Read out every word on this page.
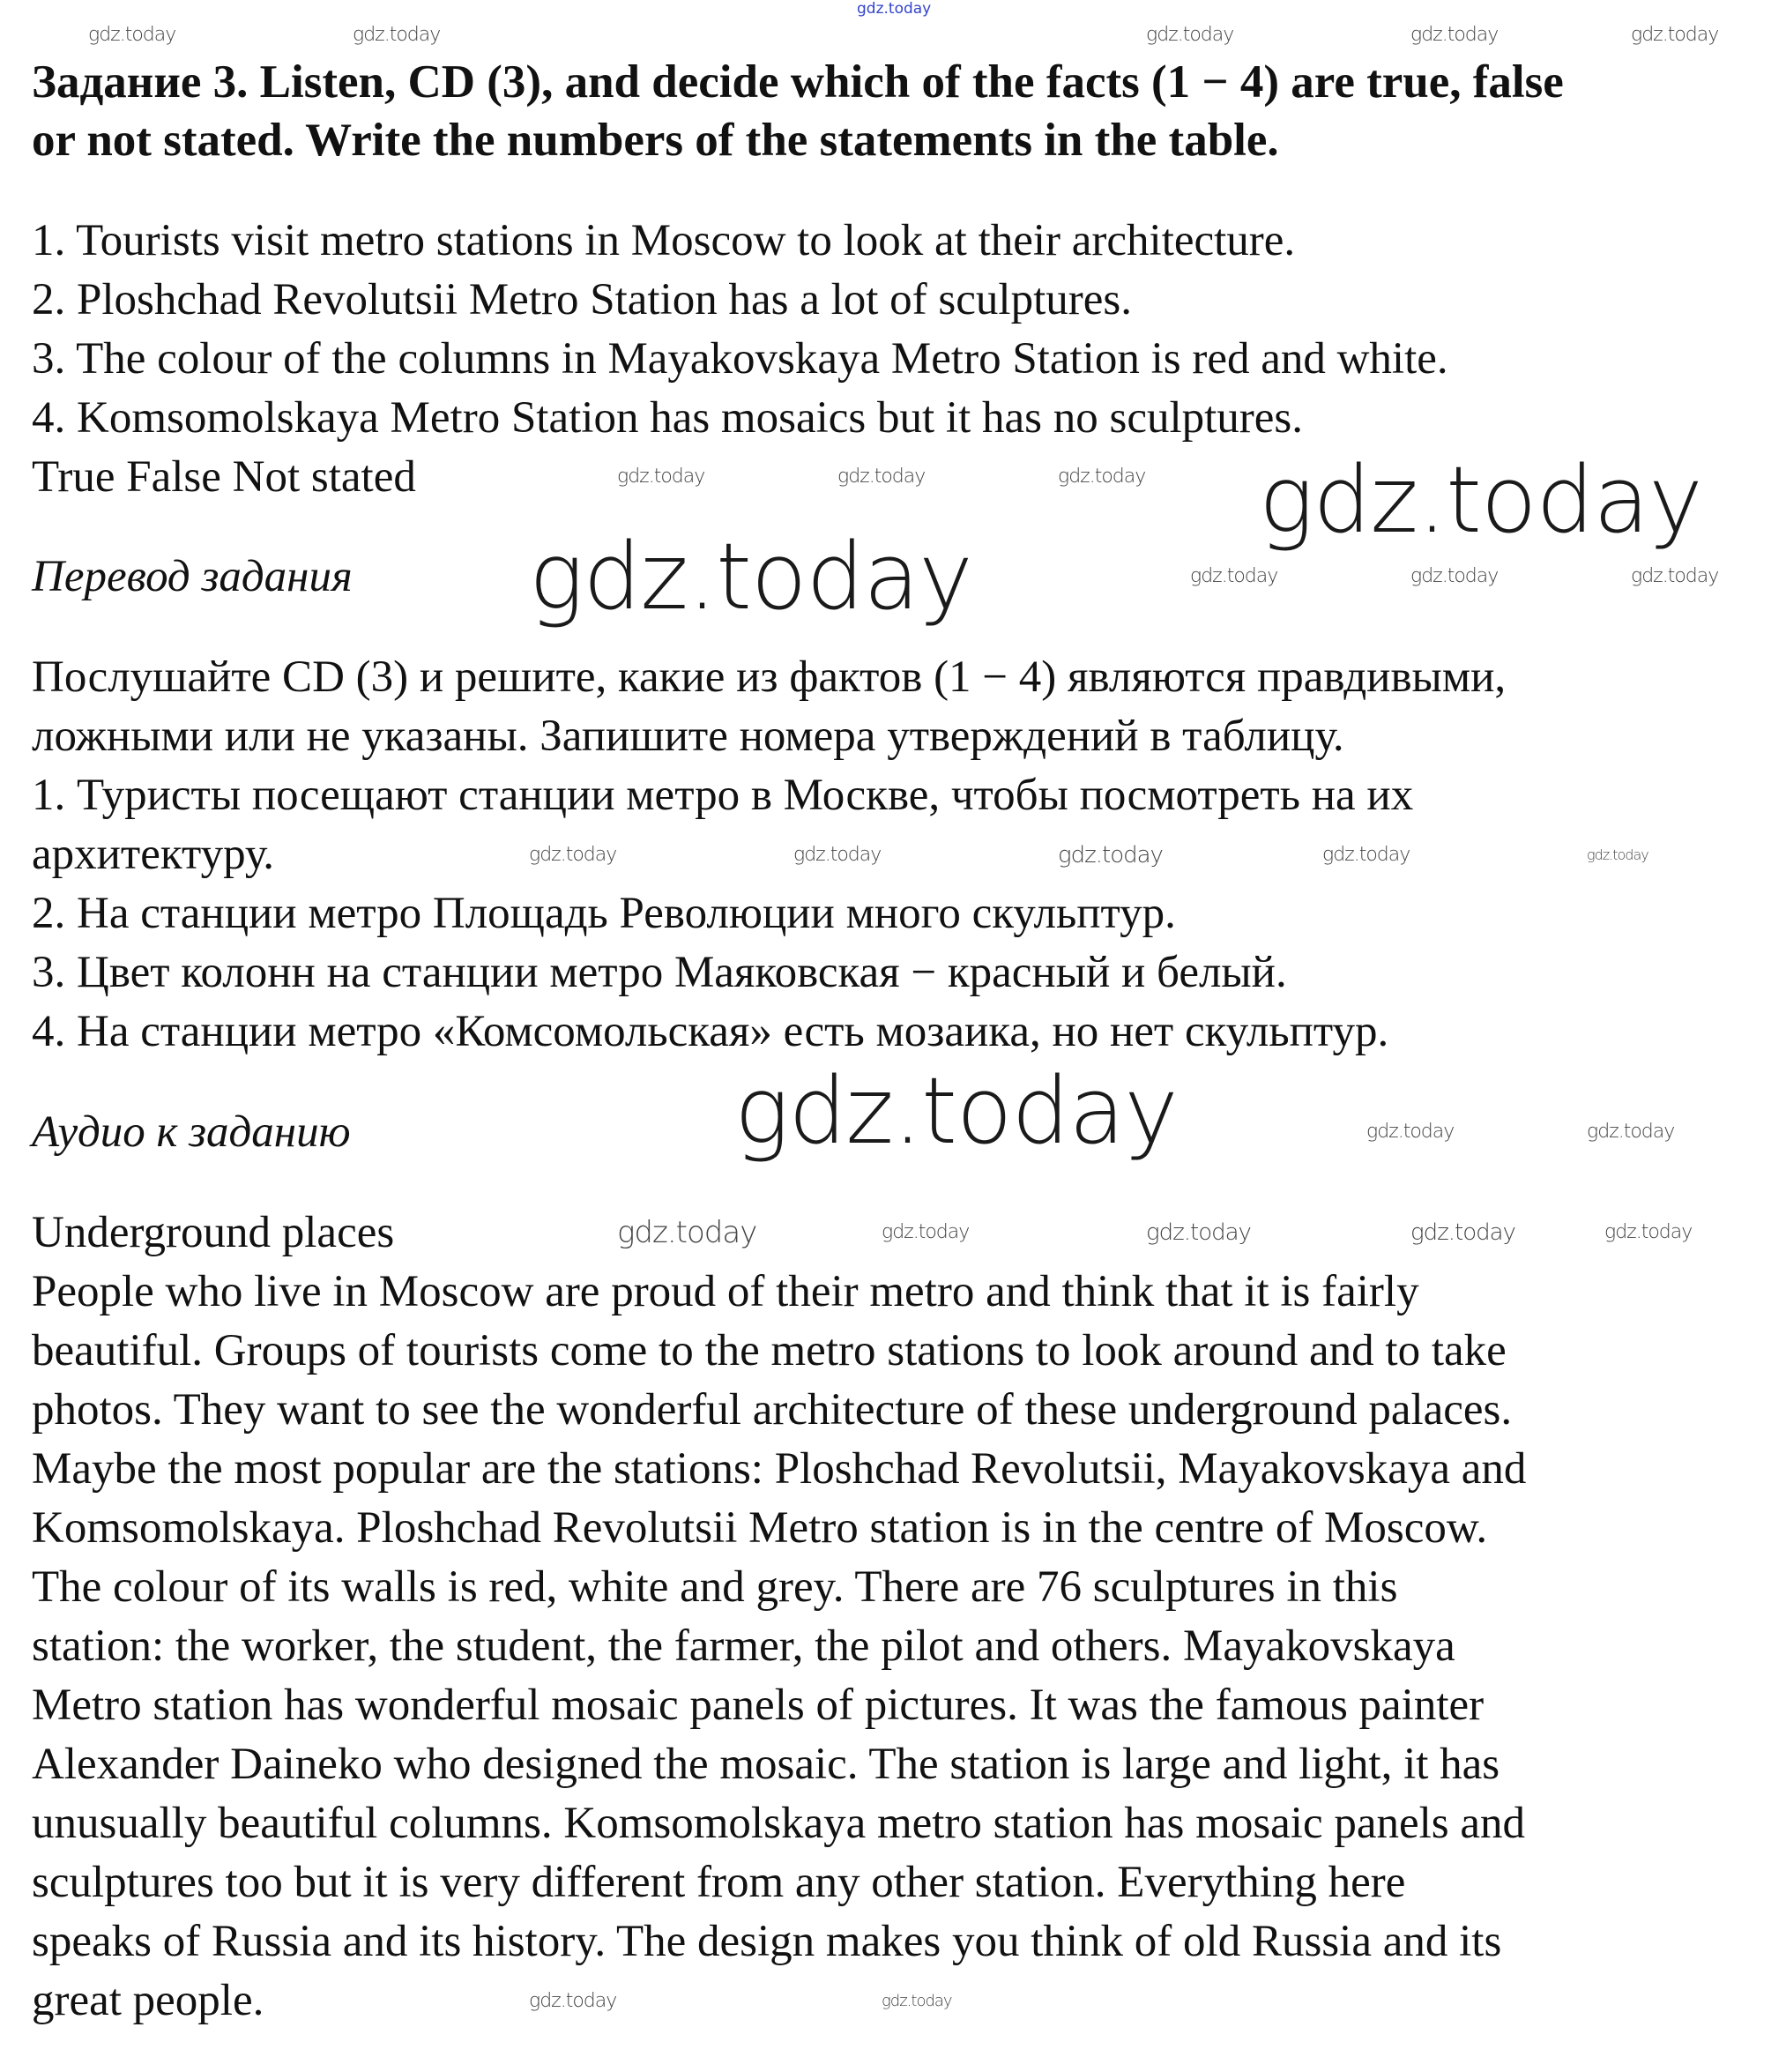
gdz.today
Задание 3. Listen, CD (3), and decide which of the facts (1 − 4) are true, false
or not stated. Write the numbers of the statements in the table.
1. Tourists visit metro stations in Moscow to look at their architecture.
2. Ploshchad Revolutsii Metro Station has a lot of sculptures.
3. The colour of the columns in Mayakovskaya Metro Station is red and white.
4. Komsomolskaya Metro Station has mosaics but it has no sculptures.
True False Not stated
Перевод задания
Послушайте CD (3) и решите, какие из фактов (1 − 4) являются правдивыми,
ложными или не указаны. Запишите номера утверждений в таблицу.
1. Туристы посещают станции метро в Москве, чтобы посмотреть на их
архитектуру.
2. На станции метро Площадь Революции много скульптур.
3. Цвет колонн на станции метро Маяковская − красный и белый.
4. На станции метро «Комсомольская» есть мозаика, но нет скульптур.
Аудио к заданию
Underground places
People who live in Moscow are proud of their metro and think that it is fairly
beautiful. Groups of tourists come to the metro stations to look around and to take
photos. They want to see the wonderful architecture of these underground palaces.
Maybe the most popular are the stations: Ploshchad Revolutsii, Mayakovskaya and
Komsomolskaya. Ploshchad Revolutsii Metro station is in the centre of Moscow.
The colour of its walls is red, white and grey. There are 76 sculptures in this
station: the worker, the student, the farmer, the pilot and others. Mayakovskaya
Metro station has wonderful mosaic panels of pictures. It was the famous painter
Alexander Daineko who designed the mosaic. The station is large and light, it has
unusually beautiful columns. Komsomolskaya metro station has mosaic panels and
sculptures too but it is very different from any other station. Everything here
speaks of Russia and its history. The design makes you think of old Russia and its
great people.
gdz.today
gdz.today
gdz.today
gdz.today	gdz.today	gdz.today	gdz.today	gdz.today
gdz.today	gdz.today	gdz.today
gdz.today	gdz.today	gdz.today
gdz.today	gdz.today	gdz.today	gdz.today	gdz.today
gdz.today	gdz.today
gdz.today	gdz.today	gdz.today	gdz.today	gdz.today
gdz.today	gdz.today
